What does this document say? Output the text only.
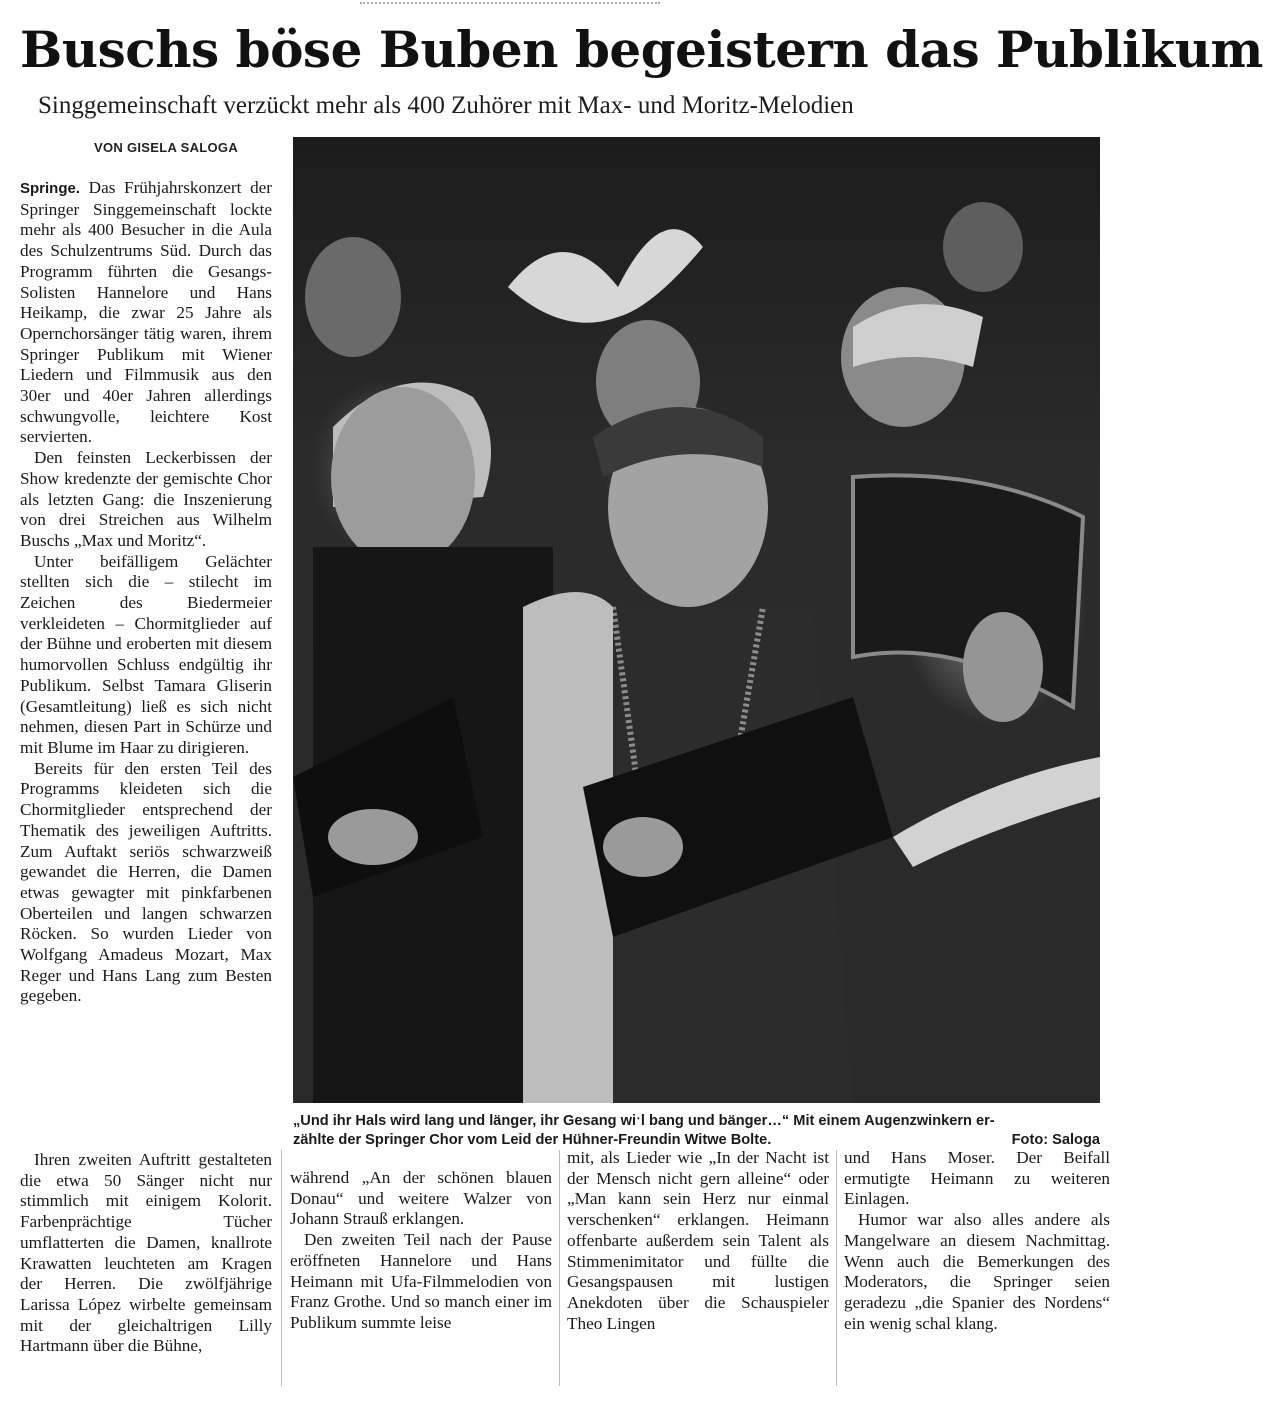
Buschs böse Buben begeistern das Publikum
Singgemeinschaft verzückt mehr als 400 Zuhörer mit Max- und Moritz-Melodien
VON GISELA SALOGA

Springe. Das Frühjahrskonzert der Springer Singgemeinschaft lockte mehr als 400 Besucher in die Aula des Schulzentrums Süd. Durch das Programm führten die Gesangs-Solisten Hannelore und Hans Heikamp, die zwar 25 Jahre als Opernchorsänger tätig waren, ihrem Springer Publikum mit Wiener Liedern und Filmmusik aus den 30er und 40er Jahren allerdings schwungvolle, leichtere Kost servierten.

Den feinsten Leckerbissen der Show kredenzte der gemischte Chor als letzten Gang: die Inszenierung von drei Streichen aus Wilhelm Buschs „Max und Moritz“.

Unter beifälligem Gelächter stellten sich die – stilecht im Zeichen des Biedermeier verkleideten – Chormitglieder auf der Bühne und eroberten mit diesem humorvollen Schluss endgültig ihr Publikum. Selbst Tamara Gliserin (Gesamtleitung) ließ es sich nicht nehmen, diesen Part in Schürze und mit Blume im Haar zu dirigieren.

Bereits für den ersten Teil des Programms kleideten sich die Chormitglieder entsprechend der Thematik des jeweiligen Auftritts. Zum Auftakt seriös schwarzweiß gewandet die Herren, die Damen etwas gewagter mit pinkfarbenen Oberteilen und langen schwarzen Röcken. So wurden Lieder von Wolfgang Amadeus Mozart, Max Reger und Hans Lang zum Besten gegeben.

„Und ihr Hals wird lang und länger, ihr Gesang wiˑl bang und bänger…“ Mit einem Augenzwinkern er-
zählte der Springer Chor vom Leid der Hühner-Freundin Witwe Bolte.	Foto: Saloga

Ihren zweiten Auftritt gestalteten die etwa 50 Sänger nicht nur stimmlich mit einigem Kolorit. Farbenprächtige Tücher umflatterten die Damen, knallrote Krawatten leuchteten am Kragen der Herren. Die zwölfjährige Larissa López wirbelte gemeinsam mit der gleichaltrigen Lilly Hartmann über die Bühne,

während „An der schönen blauen Donau“ und weitere Walzer von Johann Strauß erklangen.

Den zweiten Teil nach der Pause eröffneten Hannelore und Hans Heimann mit Ufa-Filmmelodien von Franz Grothe. Und so manch einer im Publikum summte leise

mit, als Lieder wie „In der Nacht ist der Mensch nicht gern alleine“ oder „Man kann sein Herz nur einmal verschenken“ erklangen. Heimann offenbarte außerdem sein Talent als Stimmenimitator und füllte die Gesangspausen mit lustigen Anekdoten über die Schauspieler Theo Lingen

und Hans Moser. Der Beifall ermutigte Heimann zu weiteren Einlagen.

Humor war also alles andere als Mangelware an diesem Nachmittag. Wenn auch die Bemerkungen des Moderators, die Springer seien geradezu „die Spanier des Nordens“ ein wenig schal klang.
